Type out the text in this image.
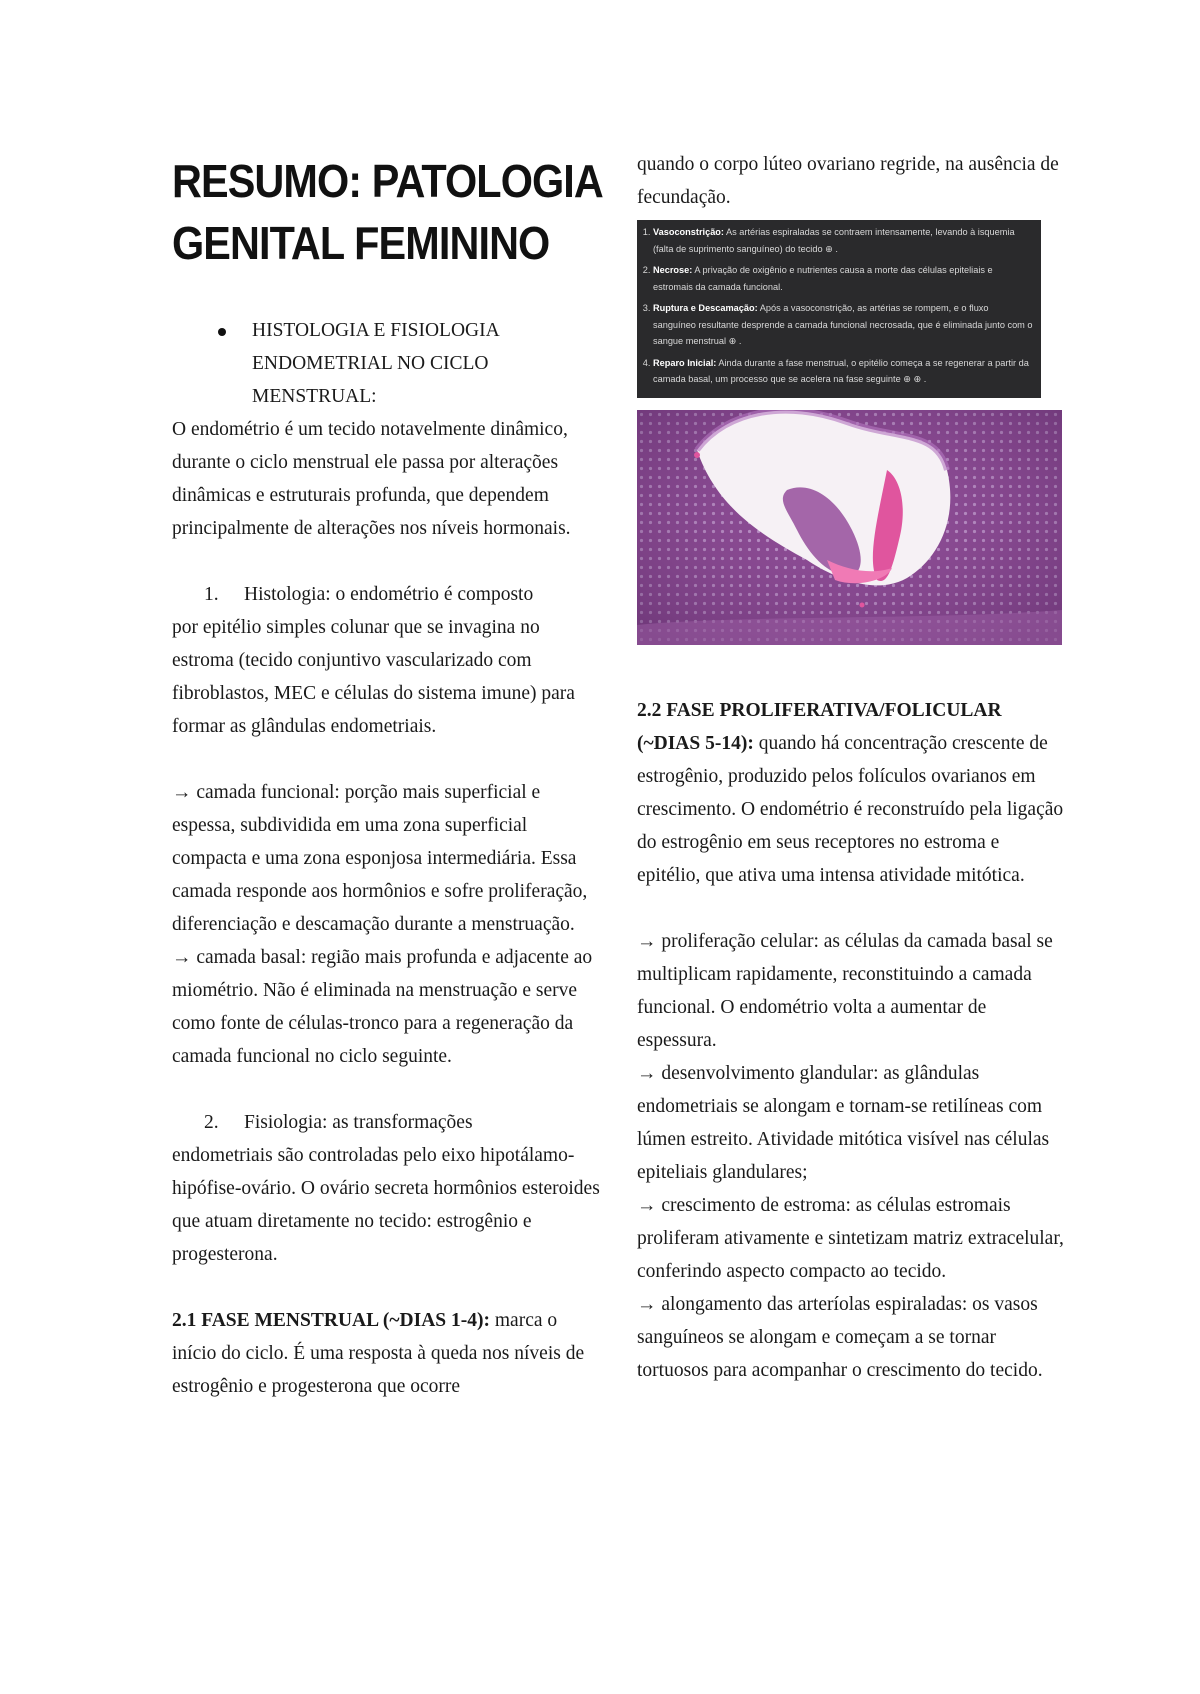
RESUMO: PATOLOGIA
GENITAL FEMININO
HISTOLOGIA E FISIOLOGIA ENDOMETRIAL NO CICLO MENSTRUAL:

O endométrio é um tecido notavelmente dinâmico, durante o ciclo menstrual ele passa por alterações dinâmicas e estruturais profunda, que dependem principalmente de alterações nos níveis hormonais.

1.	Histologia: o endométrio é composto

por epitélio simples colunar que se invagina no estroma (tecido conjuntivo vascularizado com fibroblastos, MEC e células do sistema imune) para formar as glândulas endometriais.

→ camada funcional: porção mais superficial e espessa, subdividida em uma zona superficial compacta e uma zona esponjosa intermediária. Essa camada responde aos hormônios e sofre proliferação, diferenciação e descamação durante a menstruação.

→ camada basal: região mais profunda e adjacente ao miométrio. Não é eliminada na menstruação e serve como fonte de células-tronco para a regeneração da camada funcional no ciclo seguinte.

2.	Fisiologia: as transformações

endometriais são controladas pelo eixo hipotálamo-hipófise-ovário. O ovário secreta hormônios esteroides que atuam diretamente no tecido: estrogênio e progesterona.

2.1 FASE MENSTRUAL (~DIAS 1-4): marca o início do ciclo. É uma resposta à queda nos níveis de estrogênio e progesterona que ocorre

quando o corpo lúteo ovariano regride, na ausência de fecundação.

1. Vasoconstrição: As artérias espiraladas se contraem intensamente, levando à isquemia (falta de suprimento sanguíneo) do tecido ⊕ .
2. Necrose: A privação de oxigênio e nutrientes causa a morte das células epiteliais e estromais da camada funcional.
3. Ruptura e Descamação: Após a vasoconstrição, as artérias se rompem, e o fluxo sanguíneo resultante desprende a camada funcional necrosada, que é eliminada junto com o sangue menstrual ⊕ .
4. Reparo Inicial: Ainda durante a fase menstrual, o epitélio começa a se regenerar a partir da camada basal, um processo que se acelera na fase seguinte ⊕ ⊕ .

2.2 FASE PROLIFERATIVA/FOLICULAR (~DIAS 5-14): quando há concentração crescente de estrogênio, produzido pelos folículos ovarianos em crescimento. O endométrio é reconstruído pela ligação do estrogênio em seus receptores no estroma e epitélio, que ativa uma intensa atividade mitótica.

→ proliferação celular: as células da camada basal se multiplicam rapidamente, reconstituindo a camada funcional. O endométrio volta a aumentar de espessura.

→ desenvolvimento glandular: as glândulas endometriais se alongam e tornam-se retilíneas com lúmen estreito. Atividade mitótica visível nas células epiteliais glandulares;

→ crescimento de estroma: as células estromais proliferam ativamente e sintetizam matriz extracelular, conferindo aspecto compacto ao tecido.

→ alongamento das arteríolas espiraladas: os vasos sanguíneos se alongam e começam a se tornar tortuosos para acompanhar o crescimento do tecido.
